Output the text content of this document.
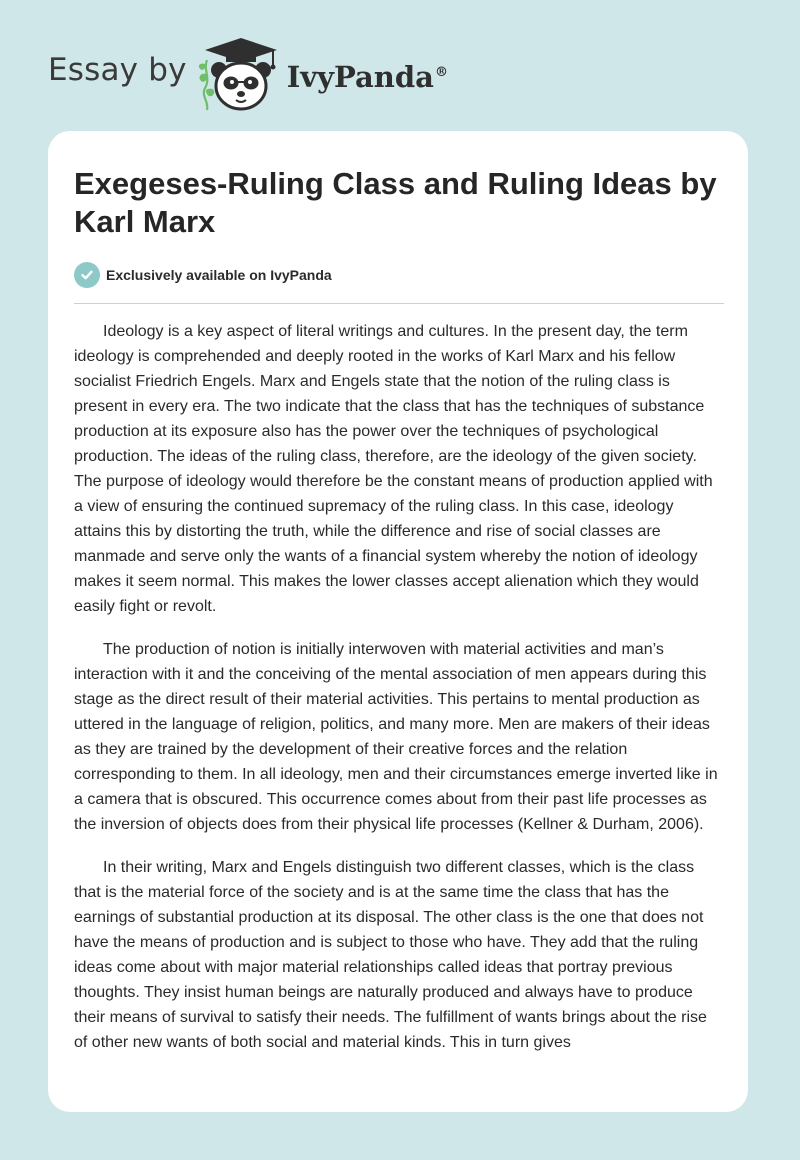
Essay by	IvyPanda®
Exegeses-Ruling Class and Ruling Ideas by Karl Marx
Exclusively available on IvyPanda

Ideology is a key aspect of literal writings and cultures. In the present day, the term ideology is comprehended and deeply rooted in the works of Karl Marx and his fellow socialist Friedrich Engels. Marx and Engels state that the notion of the ruling class is present in every era. The two indicate that the class that has the techniques of substance production at its exposure also has the power over the techniques of psychological production. The ideas of the ruling class, therefore, are the ideology of the given society. The purpose of ideology would therefore be the constant means of production applied with a view of ensuring the continued supremacy of the ruling class. In this case, ideology attains this by distorting the truth, while the difference and rise of social classes are manmade and serve only the wants of a financial system whereby the notion of ideology makes it seem normal. This makes the lower classes accept alienation which they would easily fight or revolt.

The production of notion is initially interwoven with material activities and man’s interaction with it and the conceiving of the mental association of men appears during this stage as the direct result of their material activities. This pertains to mental production as uttered in the language of religion, politics, and many more. Men are makers of their ideas as they are trained by the development of their creative forces and the relation corresponding to them. In all ideology, men and their circumstances emerge inverted like in a camera that is obscured. This occurrence comes about from their past life processes as the inversion of objects does from their physical life processes (Kellner & Durham, 2006).

In their writing, Marx and Engels distinguish two different classes, which is the class that is the material force of the society and is at the same time the class that has the earnings of substantial production at its disposal. The other class is the one that does not have the means of production and is subject to those who have. They add that the ruling ideas come about with major material relationships called ideas that portray previous thoughts. They insist human beings are naturally produced and always have to produce their means of survival to satisfy their needs. The fulfillment of wants brings about the rise of other new wants of both social and material kinds. This in turn gives
